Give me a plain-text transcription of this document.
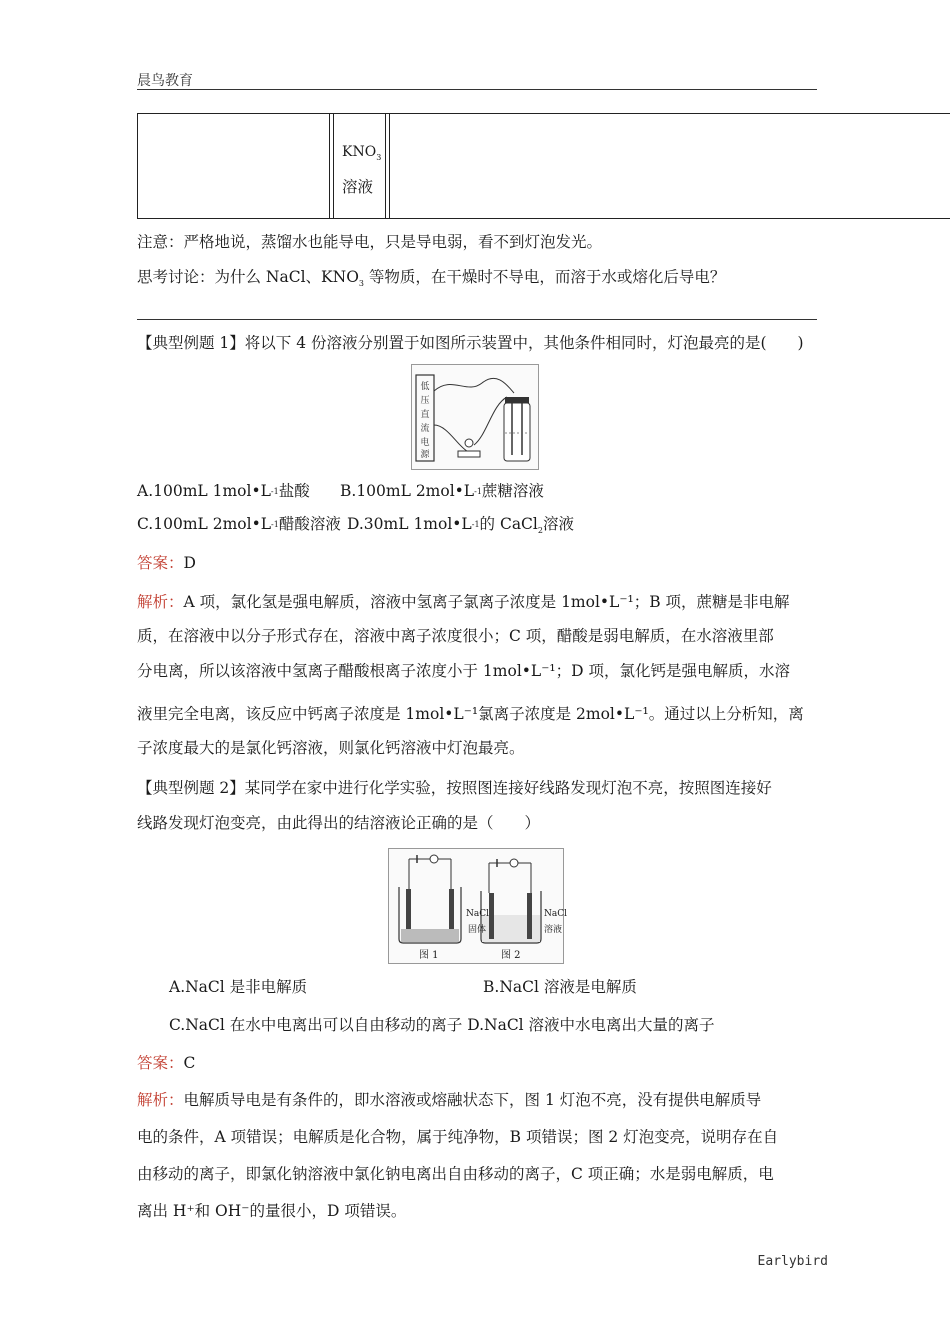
晨鸟教育
$KNO_3$
溶液
注意：严格地说，蒸馏水也能导电，只是导电弱，看不到灯泡发光。
思考讨论：为什么 NaCl、$KNO_3$ 等物质，在干燥时不导电，而溶于水或熔化后导电？
【典型例题 1】将以下 4 份溶液分别置于如图所示装置中，其他条件相同时，灯泡最亮的是(　　)
低
压
直
流
电
源
A.100mL $1mol•L^{-1}$盐酸 B.100mL $2mol•L^{-1}$蔗糖溶液
C.100mL $2mol•L^{-1}$醋酸溶液 D.30mL $1mol•L^{-1}$的 CaCl$_2$溶液
答案：D
解析：A 项，氯化氢是强电解质，溶液中氢离子氯离子浓度是 1mol•L⁻¹；B 项，蔗糖是非电解
质，在溶液中以分子形式存在，溶液中离子浓度很小；C 项，醋酸是弱电解质，在水溶液里部
分电离，所以该溶液中氢离子醋酸根离子浓度小于 1mol•L⁻¹；D 项，氯化钙是强电解质，水溶
液里完全电离，该反应中钙离子浓度是 1mol•L⁻¹氯离子浓度是 2mol•L⁻¹。通过以上分析知，离
子浓度最大的是氯化钙溶液，则氯化钙溶液中灯泡最亮。
【典型例题 2】某同学在家中进行化学实验，按照图连接好线路发现灯泡不亮，按照图连接好
线路发现灯泡变亮，由此得出的结溶液论正确的是（　　）
NaCl
固体
NaCl
溶液
图 1	图 2
A.NaCl 是非电解质	B.NaCl 溶液是电解质
C.NaCl 在水中电离出可以自由移动的离子 D.NaCl 溶液中水电离出大量的离子
答案：C
解析：电解质导电是有条件的，即水溶液或熔融状态下，图 1 灯泡不亮，没有提供电解质导
电的条件，A 项错误；电解质是化合物，属于纯净物，B 项错误；图 2 灯泡变亮，说明存在自
由移动的离子，即氯化钠溶液中氯化钠电离出自由移动的离子，C 项正确；水是弱电解质，电
离出 H⁺和 OH⁻的量很小，D 项错误。
Earlybird
